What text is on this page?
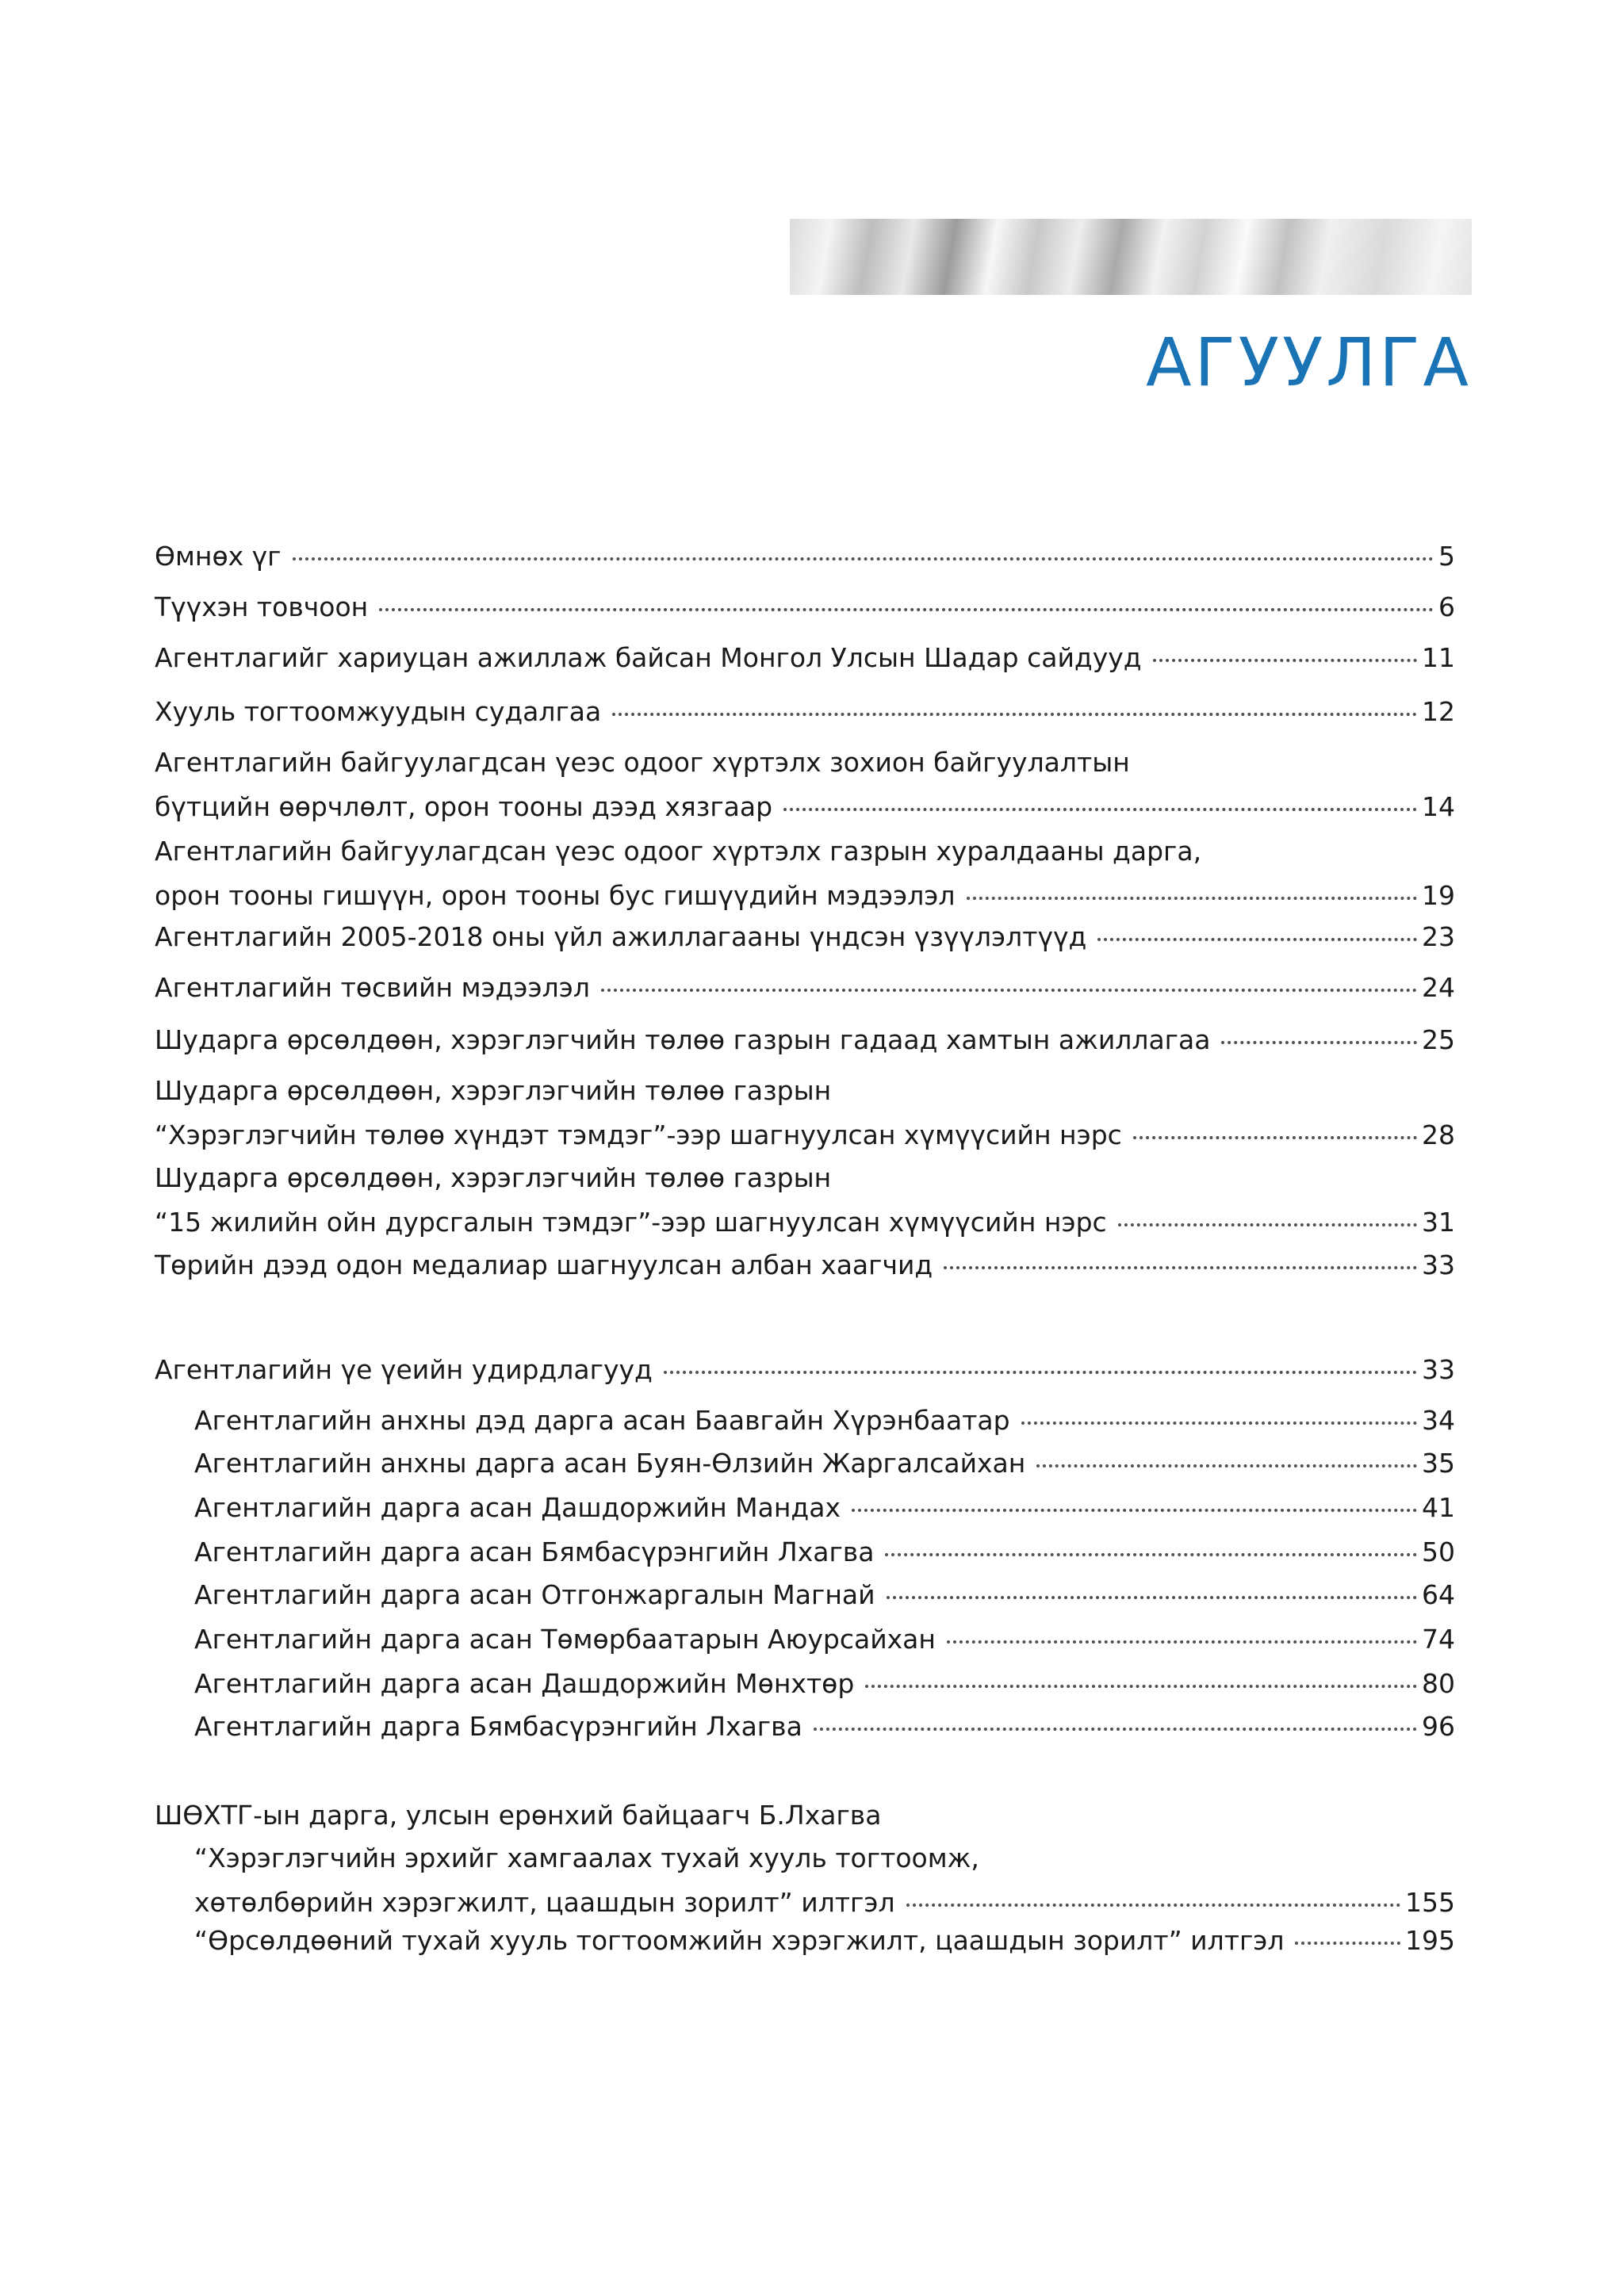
АГУУЛГА
Өмнөх үг	5
Түүхэн товчоон	6
Агентлагийг хариуцан ажиллаж байсан Монгол Улсын Шадар сайдууд	11
Хууль тогтоомжуудын судалгаа	12
Агентлагийн байгуулагдсан үеэс одоог хүртэлх зохион байгуулалтын
бүтцийн өөрчлөлт, орон тооны дээд хязгаар	14
Агентлагийн байгуулагдсан үеэс одоог хүртэлх газрын хуралдааны дарга,
орон тооны гишүүн, орон тооны бус гишүүдийн мэдээлэл	19
Агентлагийн 2005-2018 оны үйл ажиллагааны үндсэн үзүүлэлтүүд	23
Агентлагийн төсвийн мэдээлэл	24
Шударга өрсөлдөөн, хэрэглэгчийн төлөө газрын гадаад хамтын ажиллагаа	25
Шударга өрсөлдөөн, хэрэглэгчийн төлөө газрын
“Хэрэглэгчийн төлөө хүндэт тэмдэг”-ээр шагнуулсан хүмүүсийн нэрс	28
Шударга өрсөлдөөн, хэрэглэгчийн төлөө газрын
“15 жилийн ойн дурсгалын тэмдэг”-ээр шагнуулсан хүмүүсийн нэрс	31
Төрийн дээд одон медалиар шагнуулсан албан хаагчид	33
Агентлагийн үе үеийн удирдлагууд	33
Агентлагийн анхны дэд дарга асан Баавгайн Хүрэнбаатар	34
Агентлагийн анхны дарга асан Буян-Өлзийн Жаргалсайхан	35
Агентлагийн дарга асан Дашдоржийн Мандах	41
Агентлагийн дарга асан Бямбасүрэнгийн Лхагва	50
Агентлагийн дарга асан Отгонжаргалын Магнай	64
Агентлагийн дарга асан Төмөрбаатарын Аюурсайхан	74
Агентлагийн дарга асан Дашдоржийн Мөнхтөр	80
Агентлагийн дарга Бямбасүрэнгийн Лхагва	96
ШӨХТГ-ын дарга, улсын ерөнхий байцаагч Б.Лхагва
“Хэрэглэгчийн эрхийг хамгаалах тухай хууль тогтоомж,
хөтөлбөрийн хэрэгжилт, цаашдын зорилт” илтгэл	155
“Өрсөлдөөний тухай хууль тогтоомжийн хэрэгжилт, цаашдын зорилт” илтгэл	195
